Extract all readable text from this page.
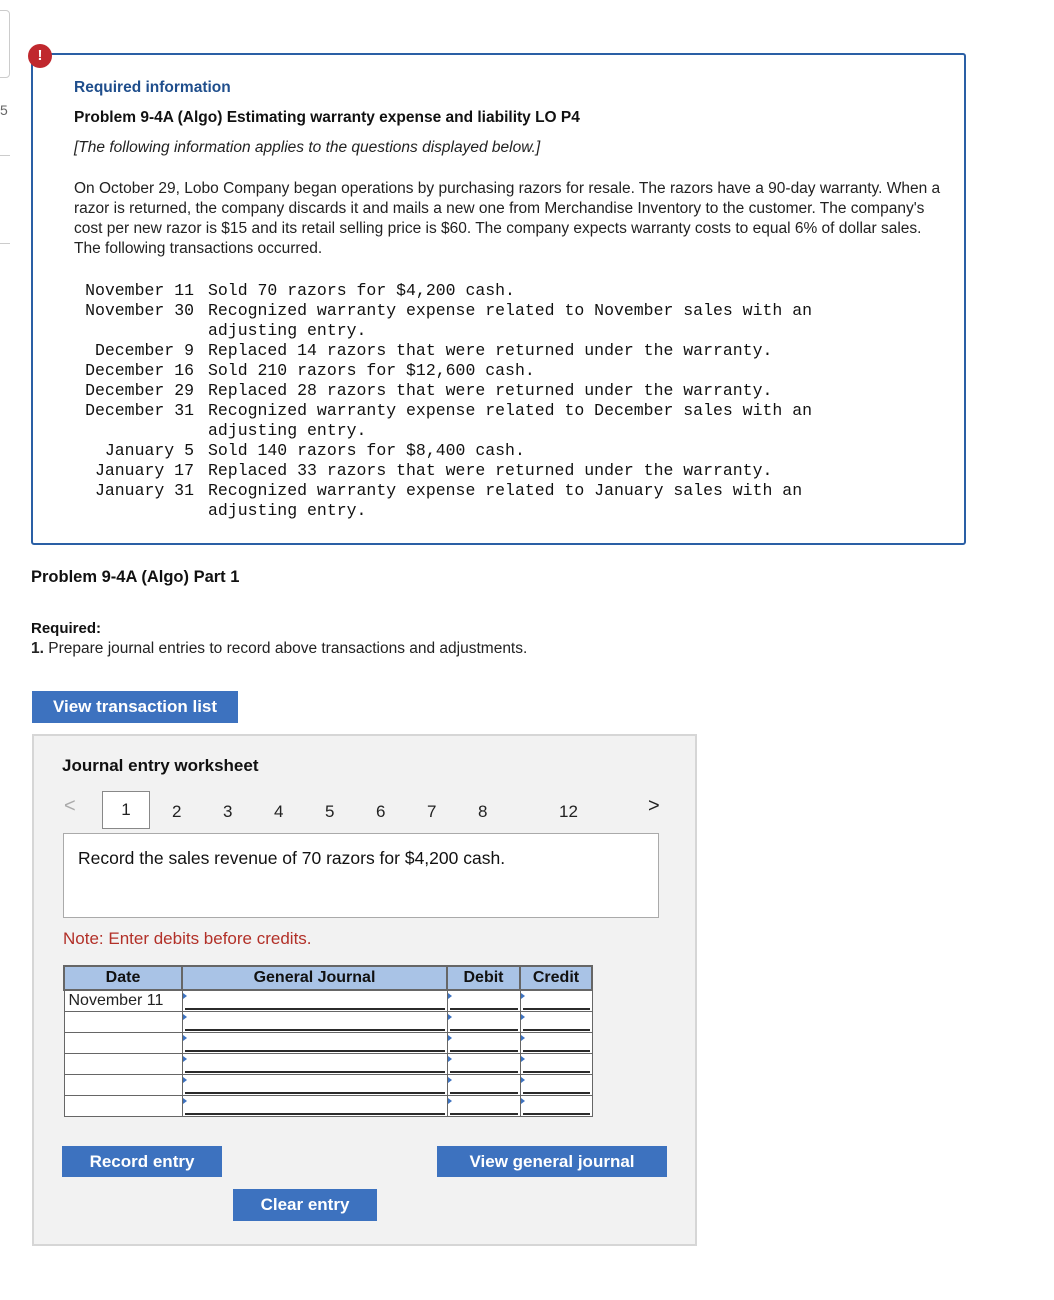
5
!
Required information
Problem 9-4A (Algo) Estimating warranty expense and liability LO P4
[The following information applies to the questions displayed below.]
On October 29, Lobo Company began operations by purchasing razors for resale. The razors have a 90-day warranty. When a razor is returned, the company discards it and mails a new one from Merchandise Inventory to the customer. The company's cost per new razor is $15 and its retail selling price is $60. The company expects warranty costs to equal 6% of dollar sales. The following transactions occurred.
November 11 Sold 70 razors for $4,200 cash.
November 30 Recognized warranty expense related to November sales with an adjusting entry.
December 9 Replaced 14 razors that were returned under the warranty.
December 16 Sold 210 razors for $12,600 cash.
December 29 Replaced 28 razors that were returned under the warranty.
December 31 Recognized warranty expense related to December sales with an adjusting entry.
January 5 Sold 140 razors for $8,400 cash.
January 17 Replaced 33 razors that were returned under the warranty.
January 31 Recognized warranty expense related to January sales with an adjusting entry.
Problem 9-4A (Algo) Part 1
Required:
1. Prepare journal entries to record above transactions and adjustments.
View transaction list
Journal entry worksheet
<	1	2 3 4 5 6 7 8	12	>
Record the sales revenue of 70 razors for $4,200 cash.
Note: Enter debits before credits.
Date	General Journal	Debit	Credit
November 11			

Record entry	View general journal
Clear entry
